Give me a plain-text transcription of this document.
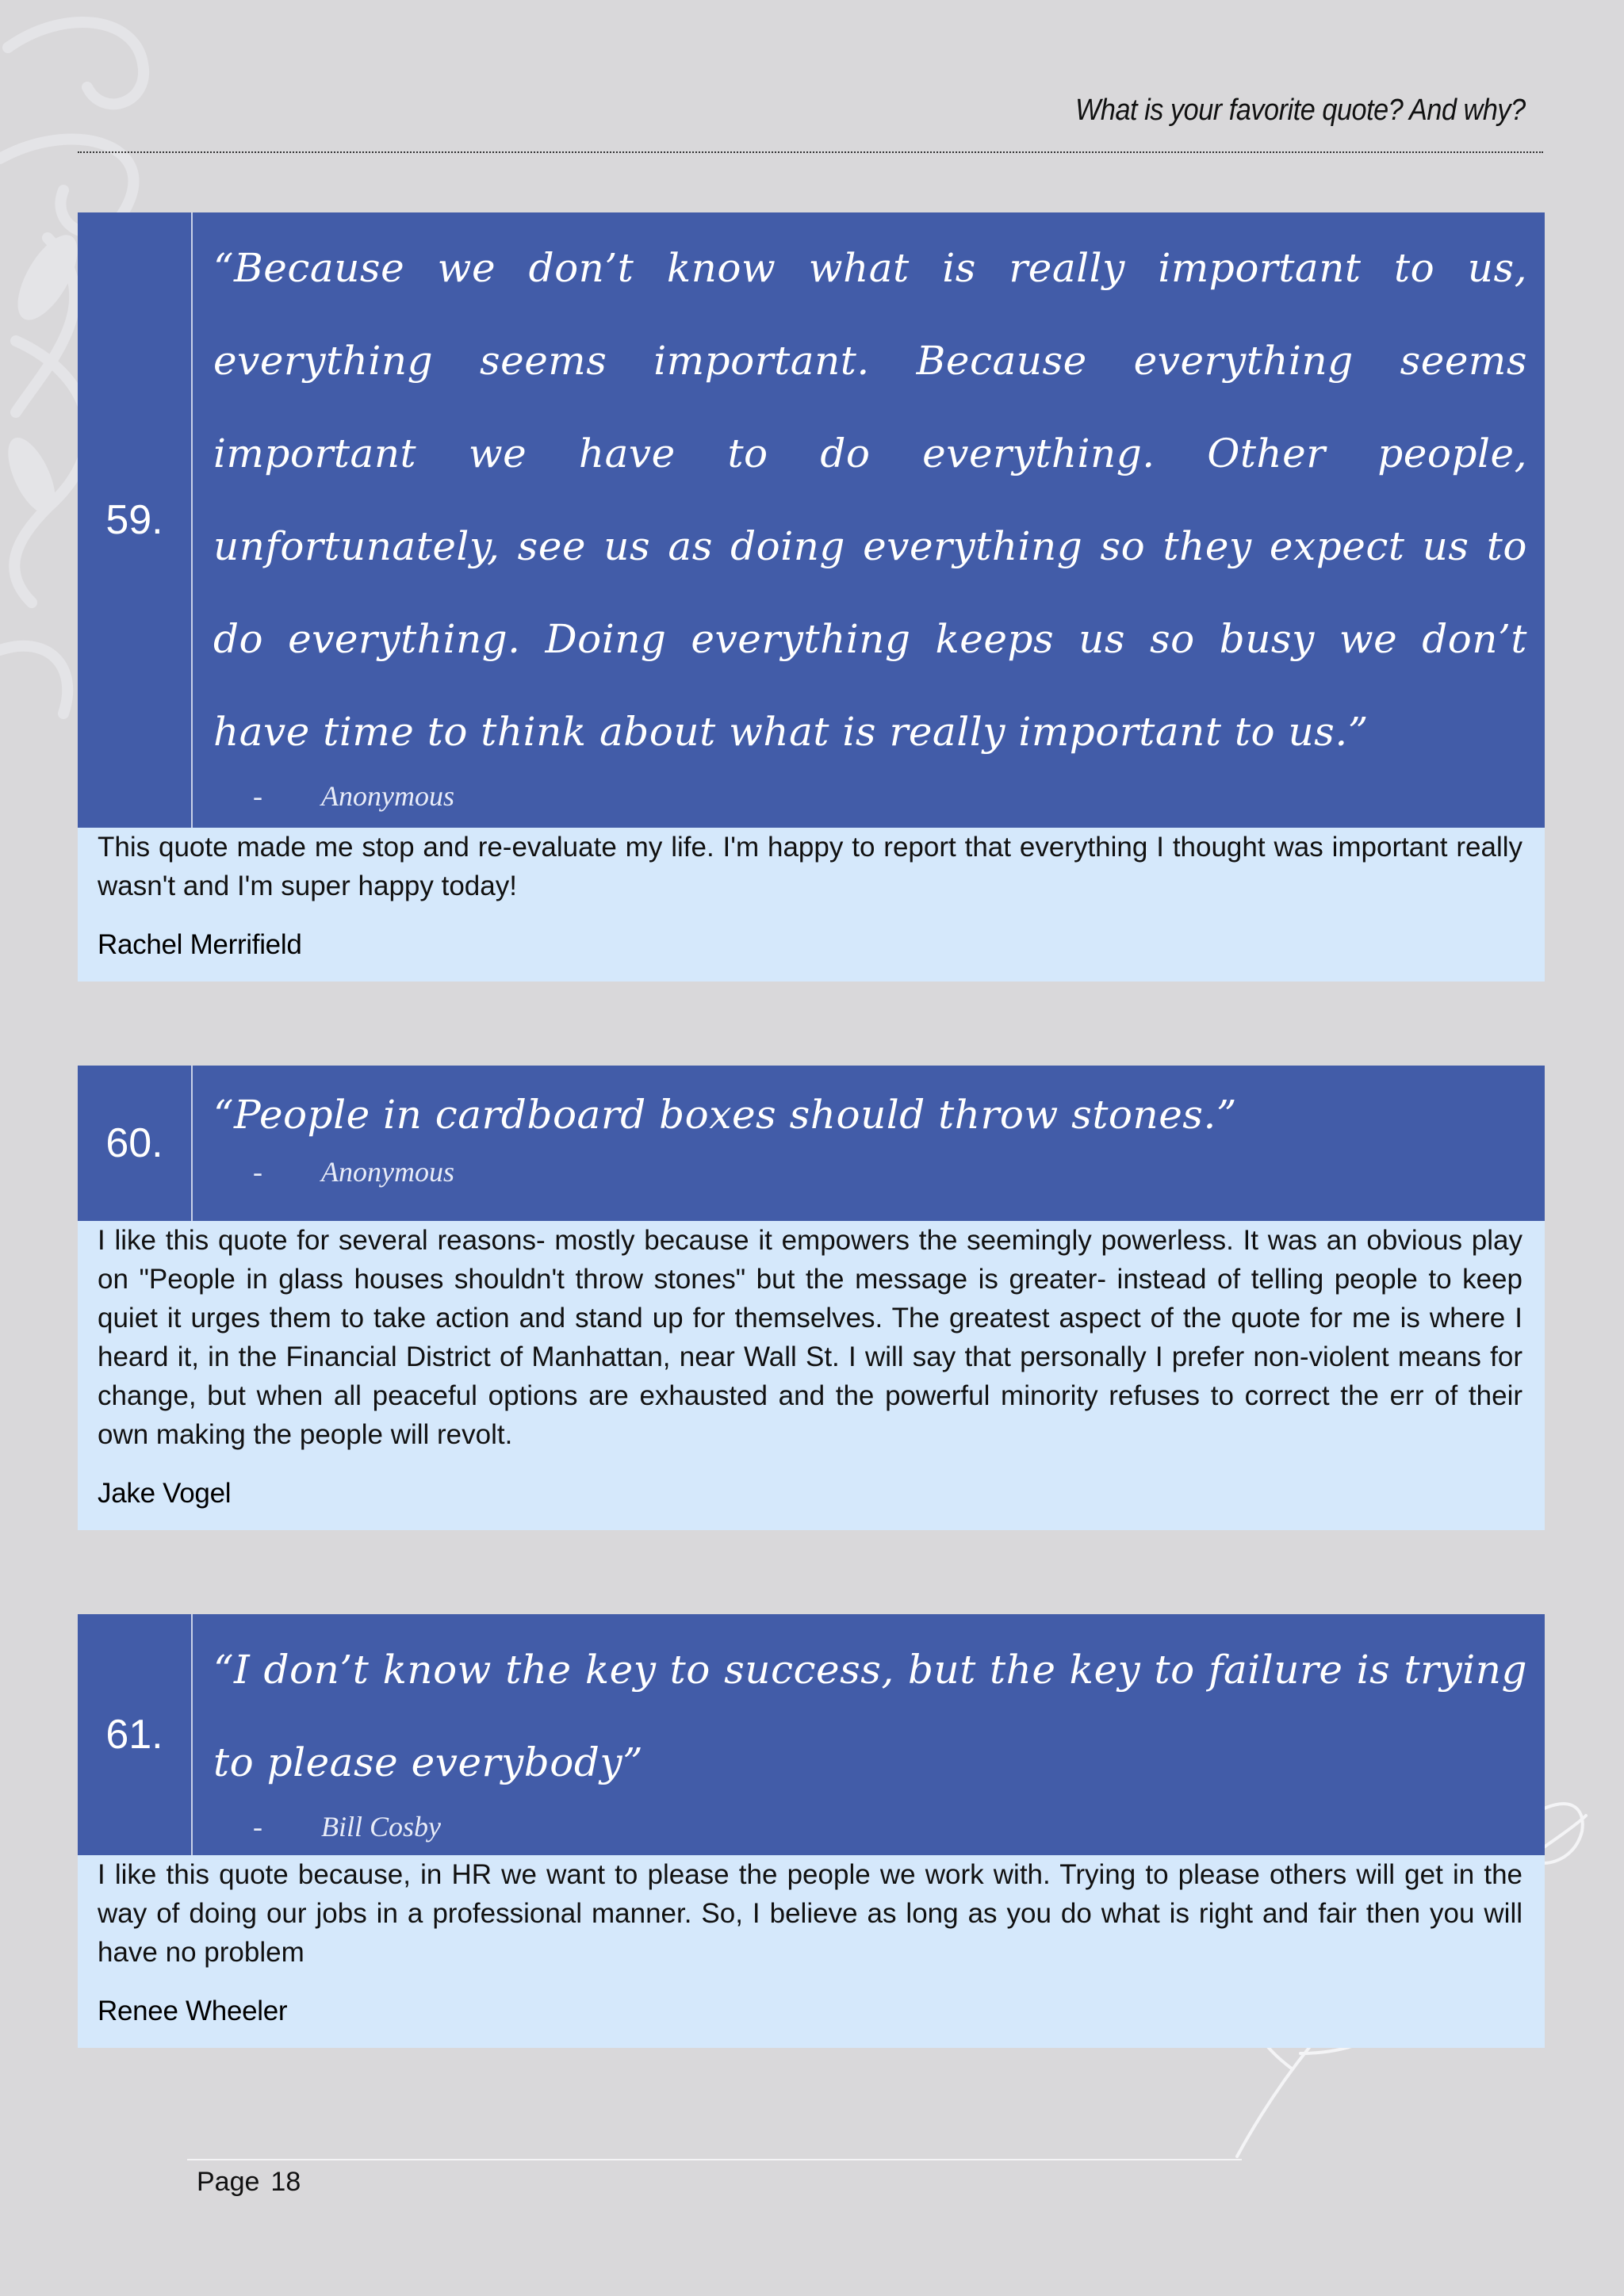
What is your favorite quote? And why?
59.

“Because we don’t know what is really important to us, everything seems important. Because everything seems important we have to do everything. Other people, unfortunately, see us as doing everything so they expect us to do everything. Doing everything keeps us so busy we don’t have time to think about what is really important to us.”

- Anonymous

This quote made me stop and re-evaluate my life. I'm happy to report that everything I thought was important really wasn't and I'm super happy today!

Rachel Merrifield

60.

“People in cardboard boxes should throw stones.”

- Anonymous

I like this quote for several reasons- mostly because it empowers the seemingly powerless. It was an obvious play on "People in glass houses shouldn't throw stones" but the message is greater- instead of telling people to keep quiet it urges them to take action and stand up for themselves. The greatest aspect of the quote for me is where I heard it, in the Financial District of Manhattan, near Wall St. I will say that personally I prefer non-violent means for change, but when all peaceful options are exhausted and the powerful minority refuses to correct the err of their own making the people will revolt.

Jake Vogel

61.

“I don’t know the key to success, but the key to failure is trying to please everybody”

- Bill Cosby

I like this quote because, in HR we want to please the people we work with. Trying to please others will get in the way of doing our jobs in a professional manner. So, I believe as long as you do what is right and fair then you will have no problem

Renee Wheeler

Page 18
